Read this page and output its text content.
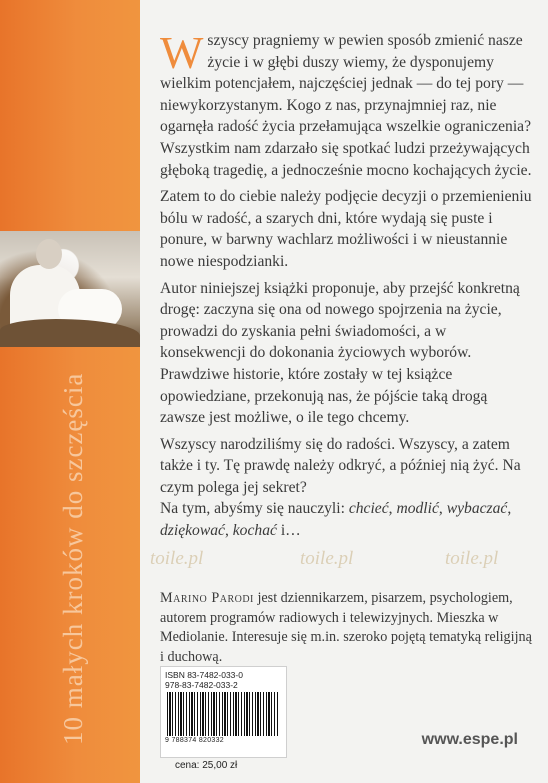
10 małych kroków do szczęścia

Wszyscy pragniemy w pewien sposób zmienić nasze życie i w głębi duszy wiemy, że dysponujemy wielkim potencjałem, najczęściej jednak — do tej pory — niewykorzystanym. Kogo z nas, przynajmniej raz, nie ogarnęła radość życia przełamująca wszelkie ograniczenia? Wszystkim nam zdarzało się spotkać ludzi przeżywających głęboką tragedię, a jednocześnie mocno kochających życie.

Zatem to do ciebie należy podjęcie decyzji o przemienieniu bólu w radość, a szarych dni, które wydają się puste i ponure, w barwny wachlarz możliwości i w nieustannie nowe niespodzianki.

Autor niniejszej książki proponuje, aby przejść konkretną drogę: zaczyna się ona od nowego spojrzenia na życie, prowadzi do zyskania pełni świadomości, a w konsekwencji do dokonania życiowych wyborów. Prawdziwe historie, które zostały w tej książce opowiedziane, przekonują nas, że pójście taką drogą zawsze jest możliwe, o ile tego chcemy.

Wszyscy narodziliśmy się do radości. Wszyscy, a zatem także i ty. Tę prawdę należy odkryć, a później nią żyć. Na czym polega jej sekret?

Na tym, abyśmy się nauczyli: chcieć, modlić, wybaczać, dziękować, kochać i…

toile.pl	toile.pl	toile.pl
Marino Parodi jest dziennikarzem, pisarzem, psychologiem, autorem programów radiowych i telewizyjnych. Mieszka w Mediolanie. Interesuje się m.in. szeroko pojętą tematyką religijną i duchową.
ISBN 83-7482-033-0
978-83-7482-033-2
9 788374 820332
cena: 25,00 zł
www.espe.pl
